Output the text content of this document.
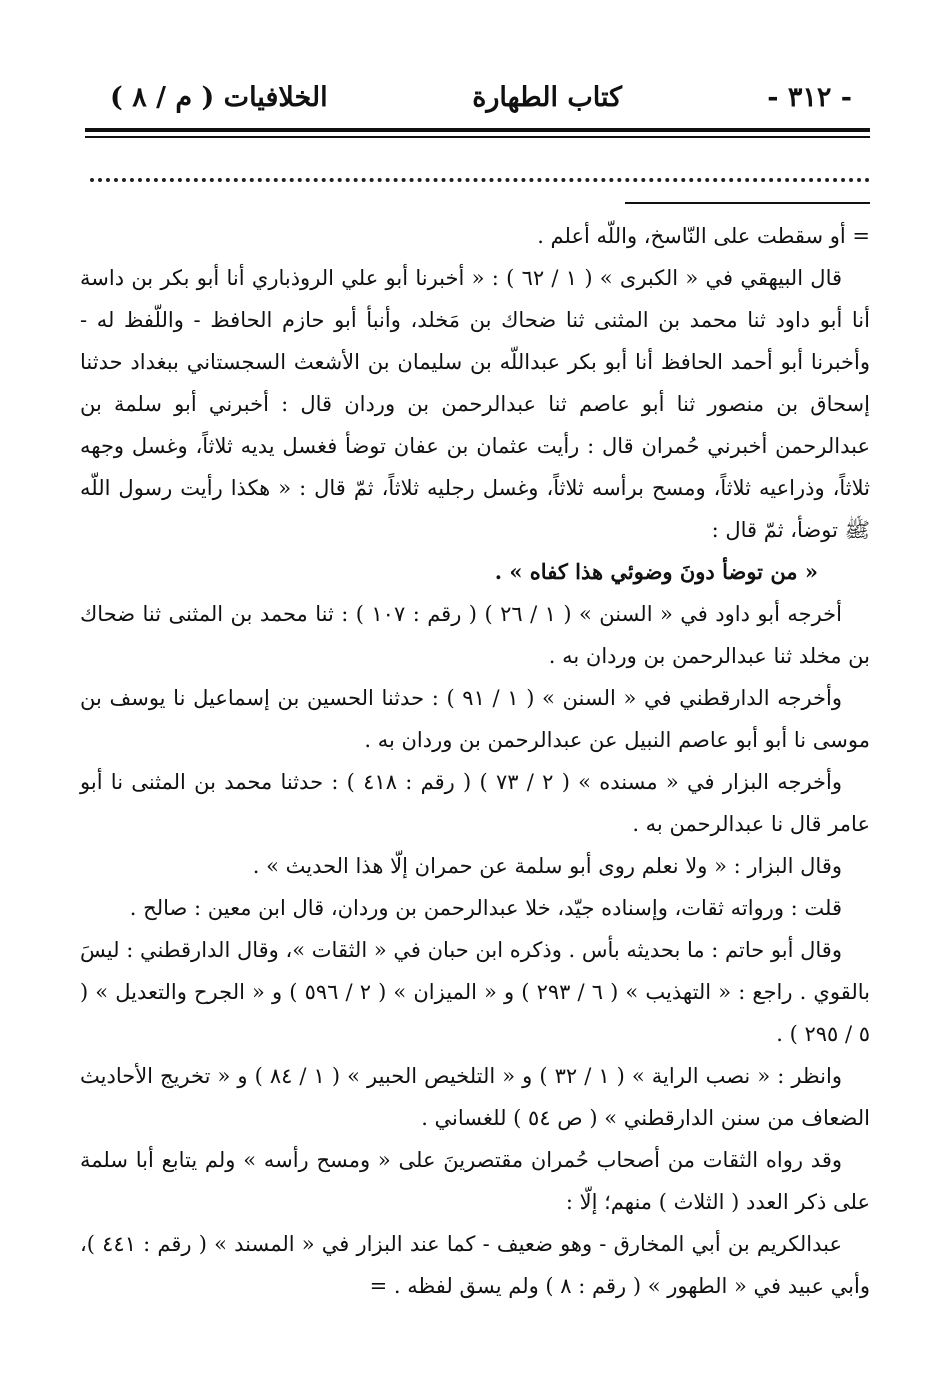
- ٣١٢ -
كتاب الطهارة
الخلافيات ( م / ٨ )

= أو سقطت على النّاسخ، واللّه أعلم .

قال البيهقي في « الكبرى » ( ١ / ٦٢ ) : « أخبرنا أبو علي الروذباري أنا أبو بكر بن داسة أنا أبو داود ثنا محمد بن المثنى ثنا ضحاك بن مَخلد، وأنبأ أبو حازم الحافظ - واللّفظ له - وأخبرنا أبو أحمد الحافظ أنا أبو بكر عبداللّه بن سليمان بن الأشعث السجستاني ببغداد حدثنا إسحاق بن منصور ثنا أبو عاصم ثنا عبدالرحمن بن وردان قال : أخبرني أبو سلمة بن عبدالرحمن أخبرني حُمران قال : رأيت عثمان بن عفان توضأ فغسل يديه ثلاثاً، وغسل وجهه ثلاثاً، وذراعيه ثلاثاً، ومسح برأسه ثلاثاً، وغسل رجليه ثلاثاً، ثمّ قال : « هكذا رأيت رسول اللّه ﷺ توضأ، ثمّ قال :

« من توضأ دونَ وضوئي هذا كفاه » .

أخرجه أبو داود في « السنن » ( ١ / ٢٦ ) ( رقم : ١٠٧ ) : ثنا محمد بن المثنى ثنا ضحاك بن مخلد ثنا عبدالرحمن بن وردان به .

وأخرجه الدارقطني في « السنن » ( ١ / ٩١ ) : حدثنا الحسين بن إسماعيل نا يوسف بن موسى نا أبو أبو عاصم النبيل عن عبدالرحمن بن وردان به .

وأخرجه البزار في « مسنده » ( ٢ / ٧٣ ) ( رقم : ٤١٨ ) : حدثنا محمد بن المثنى نا أبو عامر قال نا عبدالرحمن به .

وقال البزار : « ولا نعلم روى أبو سلمة عن حمران إلّا هذا الحديث » .

قلت : ورواته ثقات، وإسناده جيّد، خلا عبدالرحمن بن وردان، قال ابن معين : صالح .

وقال أبو حاتم : ما بحديثه بأس . وذكره ابن حبان في « الثقات »، وقال الدارقطني : ليسَ بالقوي . راجع : « التهذيب » ( ٦ / ٢٩٣ ) و « الميزان » ( ٢ / ٥٩٦ ) و « الجرح والتعديل » ( ٥ / ٢٩٥ ) .

وانظر : « نصب الراية » ( ١ / ٣٢ ) و « التلخيص الحبير » ( ١ / ٨٤ ) و « تخريج الأحاديث الضعاف من سنن الدارقطني » ( ص ٥٤ ) للغساني .

وقد رواه الثقات من أصحاب حُمران مقتصرينَ على « ومسح رأسه » ولم يتابع أبا سلمة على ذكر العدد ( الثلاث ) منهم؛ إلّا :

عبدالكريم بن أبي المخارق - وهو ضعيف - كما عند البزار في « المسند » ( رقم : ٤٤١ )، وأبي عبيد في « الطهور » ( رقم : ٨ ) ولم يسق لفظه . =
